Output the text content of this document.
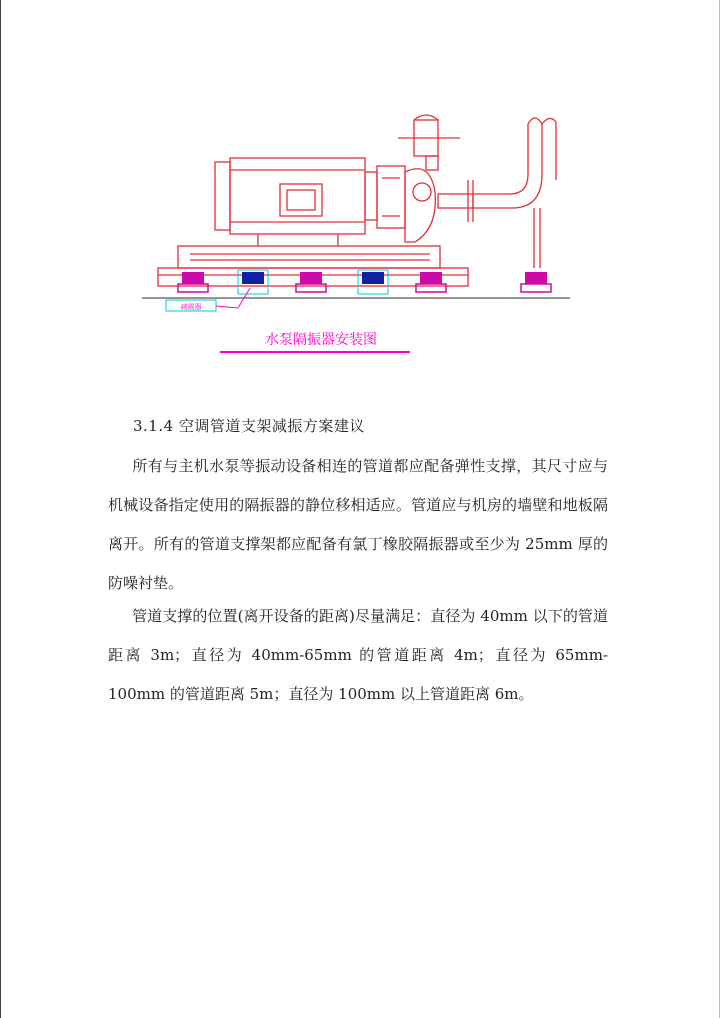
减震器
水泵隔振器安装图
3.1.4 空调管道支架减振方案建议

所有与主机水泵等振动设备相连的管道都应配备弹性支撑，其尺寸应与机械设备指定使用的隔振器的静位移相适应。管道应与机房的墙壁和地板隔离开。所有的管道支撑架都应配备有氯丁橡胶隔振器或至少为 25mm 厚的防噪衬垫。

管道支撑的位置(离开设备的距离)尽量满足：直径为 40mm 以下的管道距离 3m；直径为 40mm-65mm 的管道距离 4m；直径为 65mm-100mm 的管道距离 5m；直径为 100mm 以上管道距离 6m。
